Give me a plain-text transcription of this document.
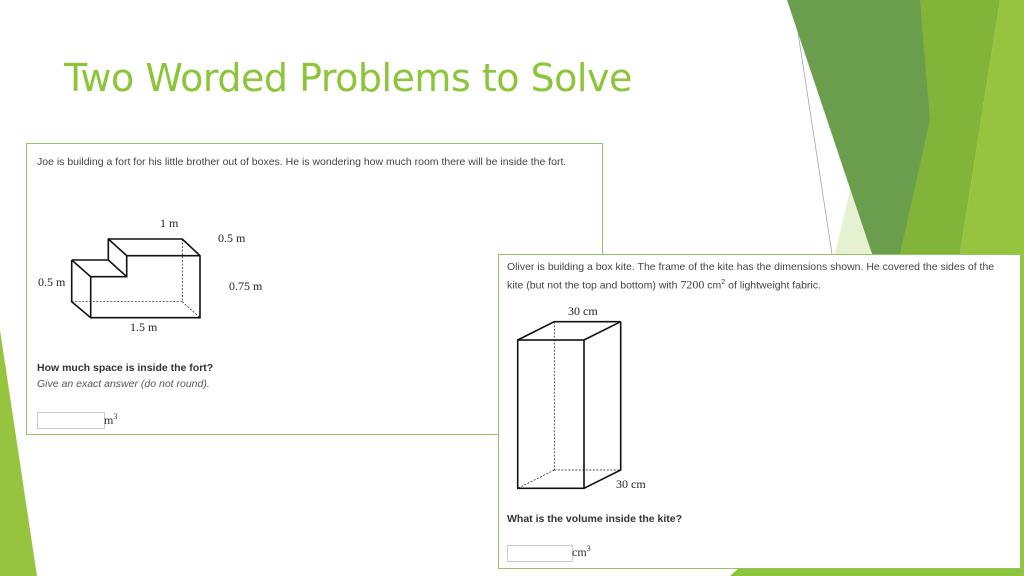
Two Worded Problems to Solve
Joe is building a fort for his little brother out of boxes. He is wondering how much room there will be inside the fort.
How much space is inside the fort?
Give an exact answer (do not round).
$m^3$
1 m
0.5 m
0.5 m	0.75 m
1.5 m
Oliver is building a box kite. The frame of the kite has the dimensions shown. He covered the sides of the kite (but not the top and bottom) with 7200 $cm^2$ of lightweight fabric.
What is the volume inside the kite?
$cm^3$
30 cm
30 cm
